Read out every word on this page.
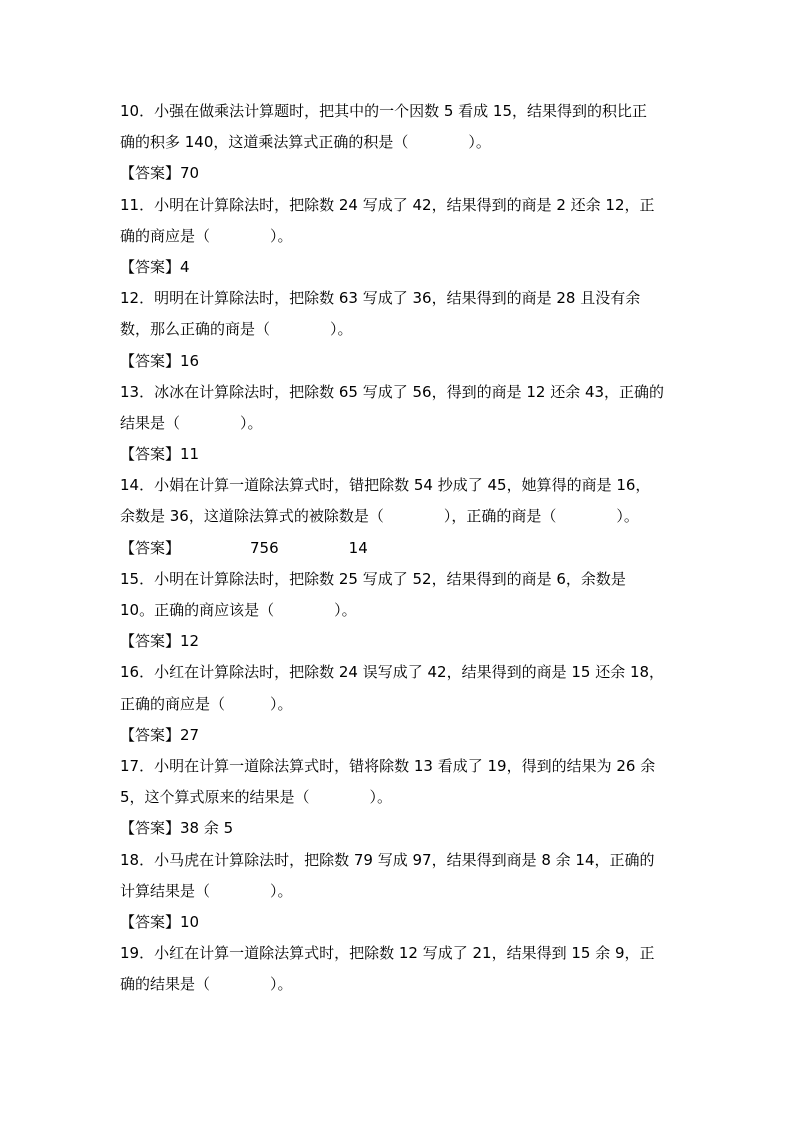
10．小强在做乘法计算题时，把其中的一个因数 5 看成 15，结果得到的积比正
确的积多 140，这道乘法算式正确的积是（　　　　）。
【答案】70
11．小明在计算除法时，把除数 24 写成了 42，结果得到的商是 2 还余 12，正
确的商应是（　　　　）。
【答案】4
12．明明在计算除法时，把除数 63 写成了 36，结果得到的商是 28 且没有余
数，那么正确的商是（　　　　）。
【答案】16
13．冰冰在计算除法时，把除数 65 写成了 56，得到的商是 12 还余 43，正确的
结果是（　　　　）。
【答案】11
14．小娟在计算一道除法算式时，错把除数 54 抄成了 45，她算得的商是 16，
余数是 36，这道除法算式的被除数是（　　　　），正确的商是（　　　　）。
【答案】	756	14
15．小明在计算除法时，把除数 25 写成了 52，结果得到的商是 6，余数是
10。正确的商应该是（　　　　）。
【答案】12
16．小红在计算除法时，把除数 24 误写成了 42，结果得到的商是 15 还余 18，
正确的商应是（　　　）。
【答案】27
17．小明在计算一道除法算式时，错将除数 13 看成了 19，得到的结果为 26 余
5，这个算式原来的结果是（　　　　）。
【答案】38 余 5
18．小马虎在计算除法时，把除数 79 写成 97，结果得到商是 8 余 14，正确的
计算结果是（　　　　）。
【答案】10
19．小红在计算一道除法算式时，把除数 12 写成了 21，结果得到 15 余 9，正
确的结果是（　　　　）。
